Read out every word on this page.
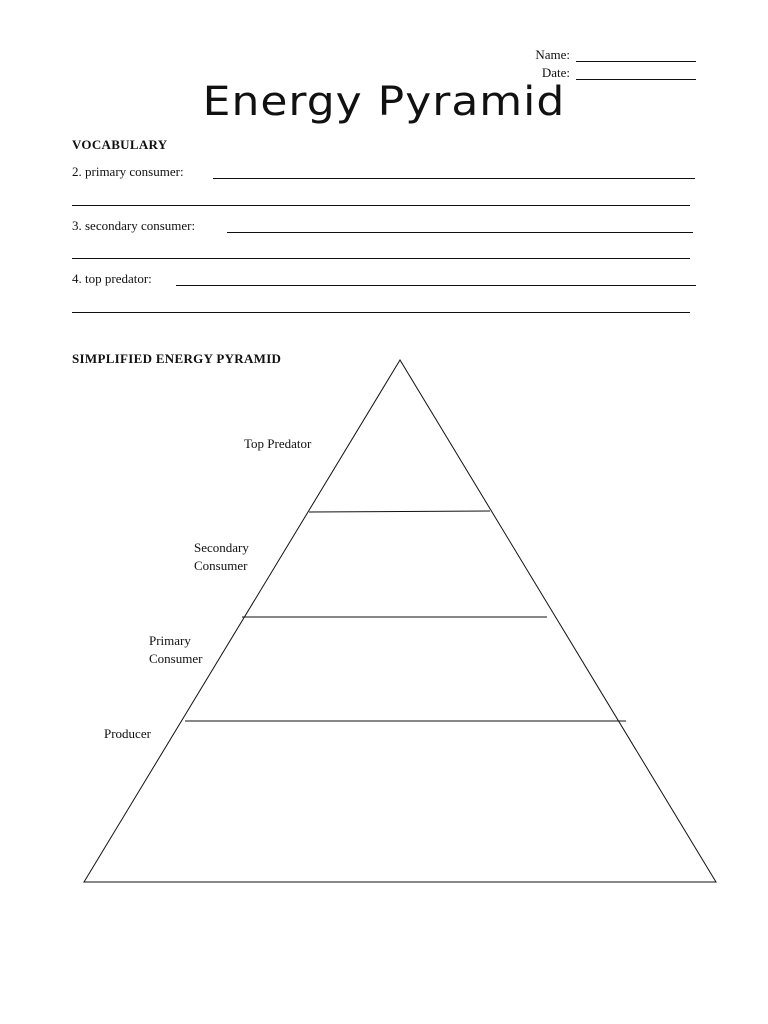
Name:
Date:
Energy Pyramid
VOCABULARY
2. primary consumer:
3. secondary consumer:
4. top predator:
SIMPLIFIED ENERGY PYRAMID
Top Predator
Secondary
Consumer
Primary
Consumer
Producer
